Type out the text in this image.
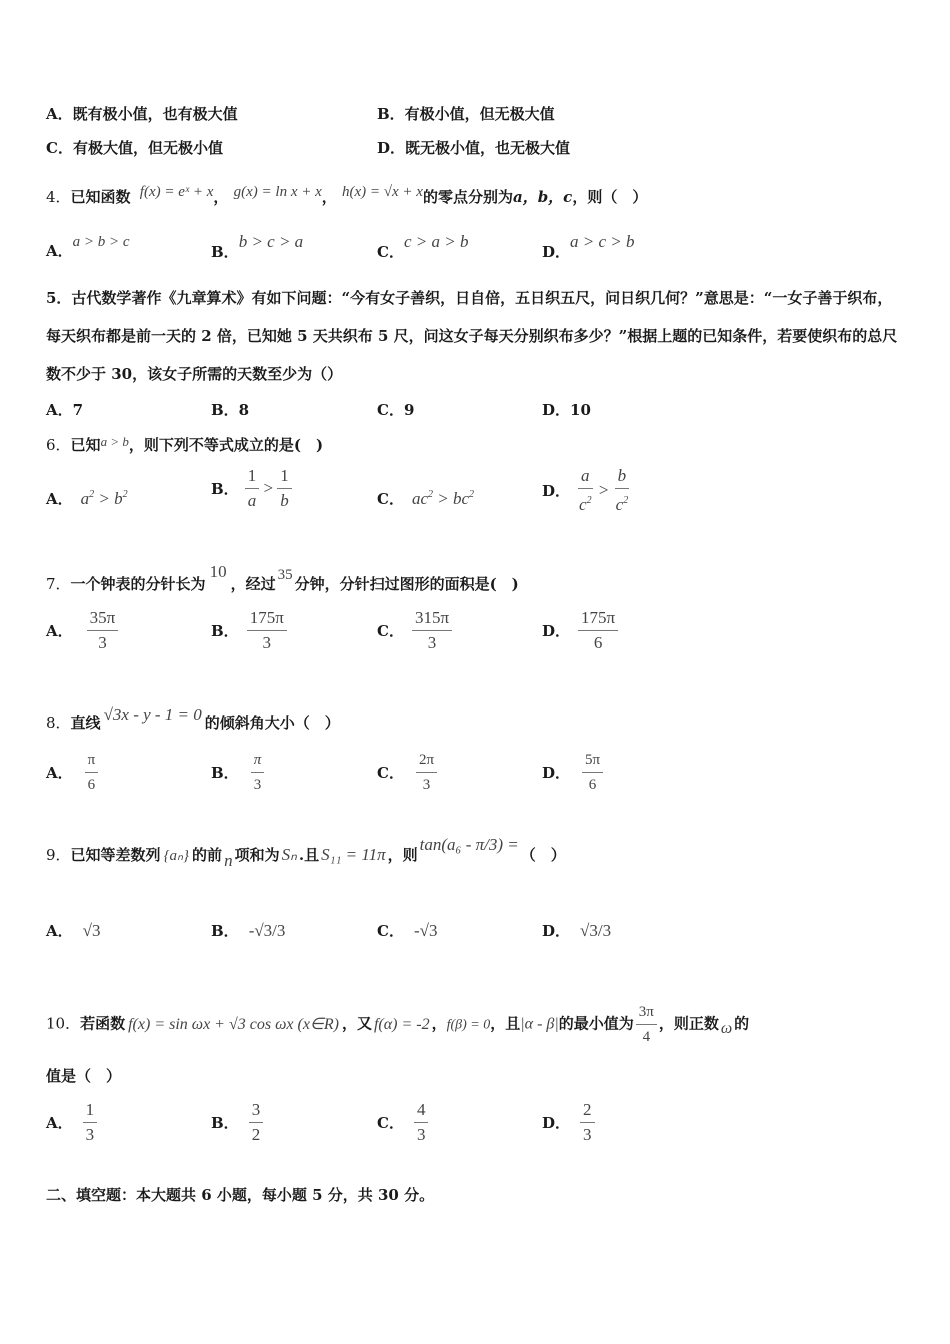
A．既有极小值，也有极大值	B．有极小值，但无极大值
C．有极大值，但无极小值	D．既无极小值，也无极大值
4．已知函数 f(x) = eˣ + x， g(x) = ln x + x， h(x) = √x + x的零点分别为a，b，c，则（　）
A．a > b > c
B．b > c > a
C．c > a > b
D．a > c > b
5．古代数学著作《九章算术》有如下问题：“今有女子善织，日自倍，五日织五尺，问日织几何？”意思是：“一女子善于织布，每天织布都是前一天的 2 倍，已知她 5 天共织布 5 尺，问这女子每天分别织布多少？”根据上题的已知条件，若要使织布的总尺数不少于 30，该女子所需的天数至少为（）
A．7	B．8	C．9	D．10
6．已知a > b，则下列不等式成立的是(　)
A． $a^2 > b^2$	B． $\frac{1}{a} > \frac{1}{b}$	C． $ac^2 > bc^2$	D． $\frac{a}{c^2} > \frac{b}{c^2}$
7．一个钟表的分针长为10，经过 35 分钟，分针扫过图形的面积是(　)
A． $\frac{35\pi}{3}$	B． $\frac{175\pi}{3}$	C． $\frac{315\pi}{3}$	D． $\frac{175\pi}{6}$
8．直线 √3x - y - 1 = 0 的倾斜角大小（　）
A． $\frac{\pi}{6}$	B． $\frac{\pi}{3}$	C． $\frac{2\pi}{3}$	D． $\frac{5\pi}{6}$
9．已知等差数列 {aₙ} 的前 n 项和为 Sₙ .且 S₁₁ = 11π ，则tan(a₆ - π/3) =（　）
A． √3	B． -√3/3	C． -√3	D． √3/3
10．若函数 f(x) = sin ωx + √3 cos ωx (x∈R) ，又 f(α) = -2 ，f(β) = 0，且|α - β|的最小值为 $\frac{3\pi}{4}$ ，则正数 ω 的
值是（　）
A． $\frac{1}{3}$	B． $\frac{3}{2}$	C． $\frac{4}{3}$	D． $\frac{2}{3}$
二、填空题：本大题共 6 小题，每小题 5 分，共 30 分。
